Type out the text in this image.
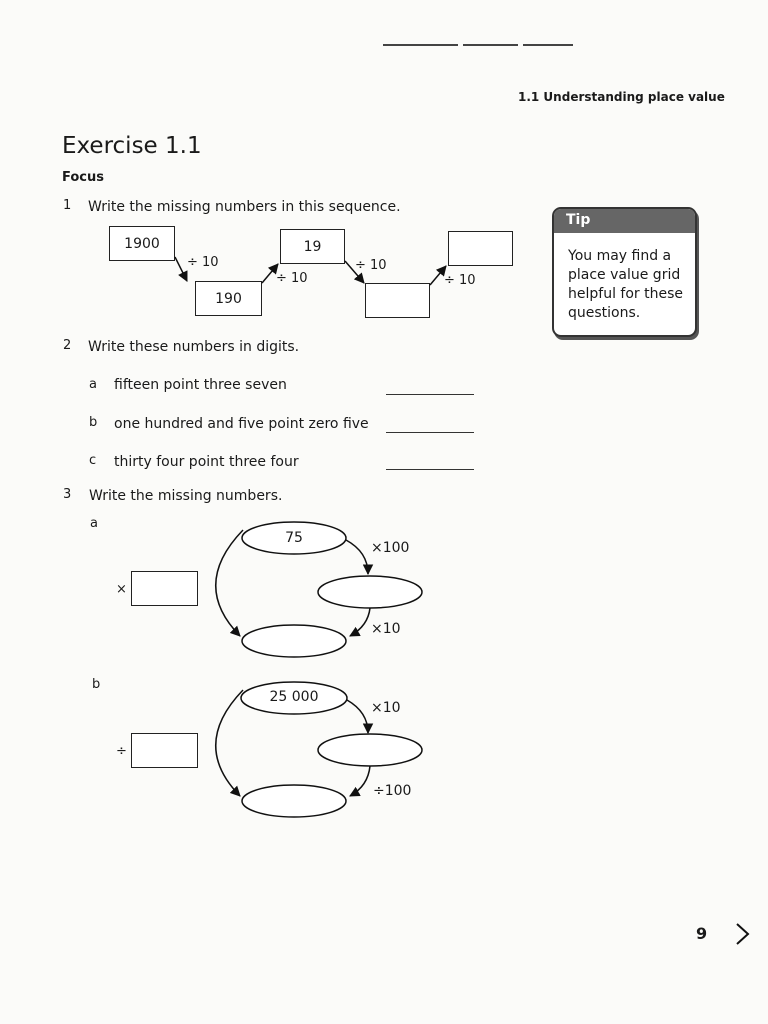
1.1 Understanding place value
Exercise 1.1
Focus
1 Write the missing numbers in this sequence.
1900
190
19
÷ 10
÷ 10
÷ 10
÷ 10
Tip
You may find a place value grid helpful for these questions.
2 Write these numbers in digits.
a fifteen point three seven
b one hundred and five point zero five
c thirty four point three four
3 Write the missing numbers.
a
b
75
×100
×10
×
25 000
×10
÷100
÷
9
